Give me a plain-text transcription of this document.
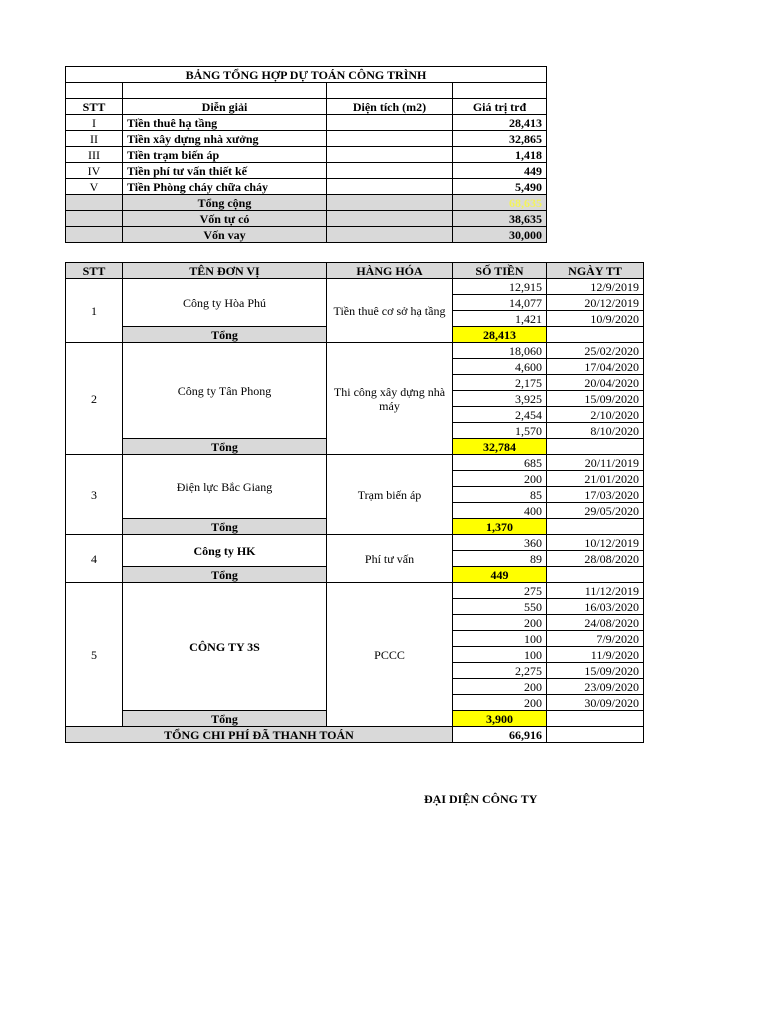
BẢNG TỔNG HỢP DỰ TOÁN CÔNG TRÌNH			

STT	Diễn giải	Diện tích (m2)	Giá trị trđ
I	Tiền thuê hạ tầng		28,413
II	Tiền xây dựng nhà xưởng		32,865
III	Tiền trạm biến áp		1,418
IV	Tiền phí tư vấn thiết kế		449
V	Tiền Phòng cháy chữa cháy		5,490
	Tổng cộng		68,635
	Vốn tự có		38,635
	Vốn vay		30,000
STT	TÊN ĐƠN VỊ	HÀNG HÓA	SỐ TIỀN	NGÀY TT
1	Công ty Hòa Phú	Tiền thuê cơ sở hạ tầng	12,915	12/9/2019
			14,077	20/12/2019
			1,421	10/9/2020
	Tổng		28,413	
2	Công ty Tân Phong	Thi công xây dựng nhà máy	18,060	25/02/2020
			4,600	17/04/2020
			2,175	20/04/2020
			3,925	15/09/2020
			2,454	2/10/2020
			1,570	8/10/2020
	Tổng		32,784	
3	Điện lực Bắc Giang	Trạm biến áp	685	20/11/2019
			200	21/01/2020
			85	17/03/2020
			400	29/05/2020
	Tổng		1,370	
4	Công ty HK	Phí tư vấn	360	10/12/2019
			89	28/08/2020
	Tổng		449	
5	CÔNG TY 3S	PCCC	275	11/12/2019
			550	16/03/2020
			200	24/08/2020
			100	7/9/2020
			100	11/9/2020
			2,275	15/09/2020
			200	23/09/2020
			200	30/09/2020
	Tổng		3,900	
TỔNG CHI PHÍ ĐÃ THANH TOÁN			66,916	
ĐẠI DIỆN CÔNG TY
